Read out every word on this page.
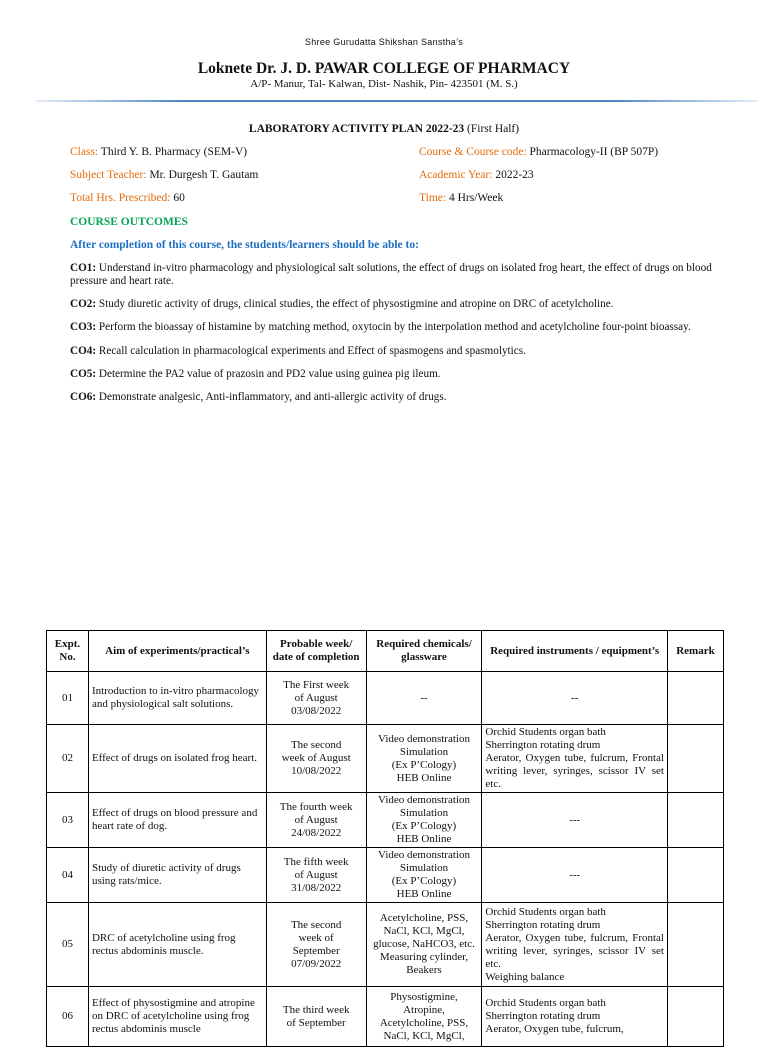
Shree Gurudatta Shikshan Sanstha’s
Loknete Dr. J. D. PAWAR COLLEGE OF PHARMACY
A/P- Manur, Tal- Kalwan, Dist- Nashik, Pin- 423501 (M. S.)
LABORATORY ACTIVITY PLAN 2022-23 (First Half)
Class: Third Y. B. Pharmacy (SEM-V)	Course & Course code: Pharmacology-II (BP 507P)
Subject Teacher: Mr. Durgesh T. Gautam	Academic Year: 2022-23
Total Hrs. Prescribed: 60	Time: 4 Hrs/Week
COURSE OUTCOMES
After completion of this course, the students/learners should be able to:
CO1: Understand in-vitro pharmacology and physiological salt solutions, the effect of drugs on isolated frog heart, the effect of drugs on blood pressure and heart rate.
CO2: Study diuretic activity of drugs, clinical studies, the effect of physostigmine and atropine on DRC of acetylcholine.
CO3: Perform the bioassay of histamine by matching method, oxytocin by the interpolation method and acetylcholine four-point bioassay.
CO4: Recall calculation in pharmacological experiments and Effect of spasmogens and spasmolytics.
CO5: Determine the PA2 value of prazosin and PD2 value using guinea pig ileum.
CO6: Demonstrate analgesic, Anti-inflammatory, and anti-allergic activity of drugs.
Expt. No.	Aim of experiments/practical’s	Probable week/ date of completion	Required chemicals/ glassware	Required instruments / equipment’s	Remark
01	Introduction to in-vitro pharmacology and physiological salt solutions.	The First week
of August
03/08/2022	--	--	

02	Effect of drugs on isolated frog heart.	The second
week of August
10/08/2022	Video demonstration
Simulation
(Ex P’Cology)
HEB Online	Orchid Students organ bath
Sherrington rotating drum
Aerator, Oxygen tube, fulcrum, Frontal writing lever, syringes, scissor IV set etc.	

03	Effect of drugs on blood pressure and heart rate of dog.	The fourth week
of August
24/08/2022	Video demonstration
Simulation
(Ex P’Cology)
HEB Online	---	

04	Study of diuretic activity of drugs using rats/mice.	The fifth week
of August
31/08/2022	Video demonstration
Simulation
(Ex P’Cology)
HEB Online	---	

05	DRC of acetylcholine using frog rectus abdominis muscle.	The second
week of
September
07/09/2022	Acetylcholine, PSS,
NaCl, KCl, MgCl,
glucose, NaHCO3, etc.
Measuring cylinder,
Beakers	Orchid Students organ bath
Sherrington rotating drum
Aerator, Oxygen tube, fulcrum, Frontal writing lever, syringes, scissor IV set etc.
Weighing balance	

06	Effect of physostigmine and atropine on DRC of acetylcholine using frog rectus abdominis muscle	The third week
of September	Physostigmine,
Atropine,
Acetylcholine, PSS,
NaCl, KCl, MgCl,	Orchid Students organ bath
Sherrington rotating drum
Aerator, Oxygen tube, fulcrum,	
